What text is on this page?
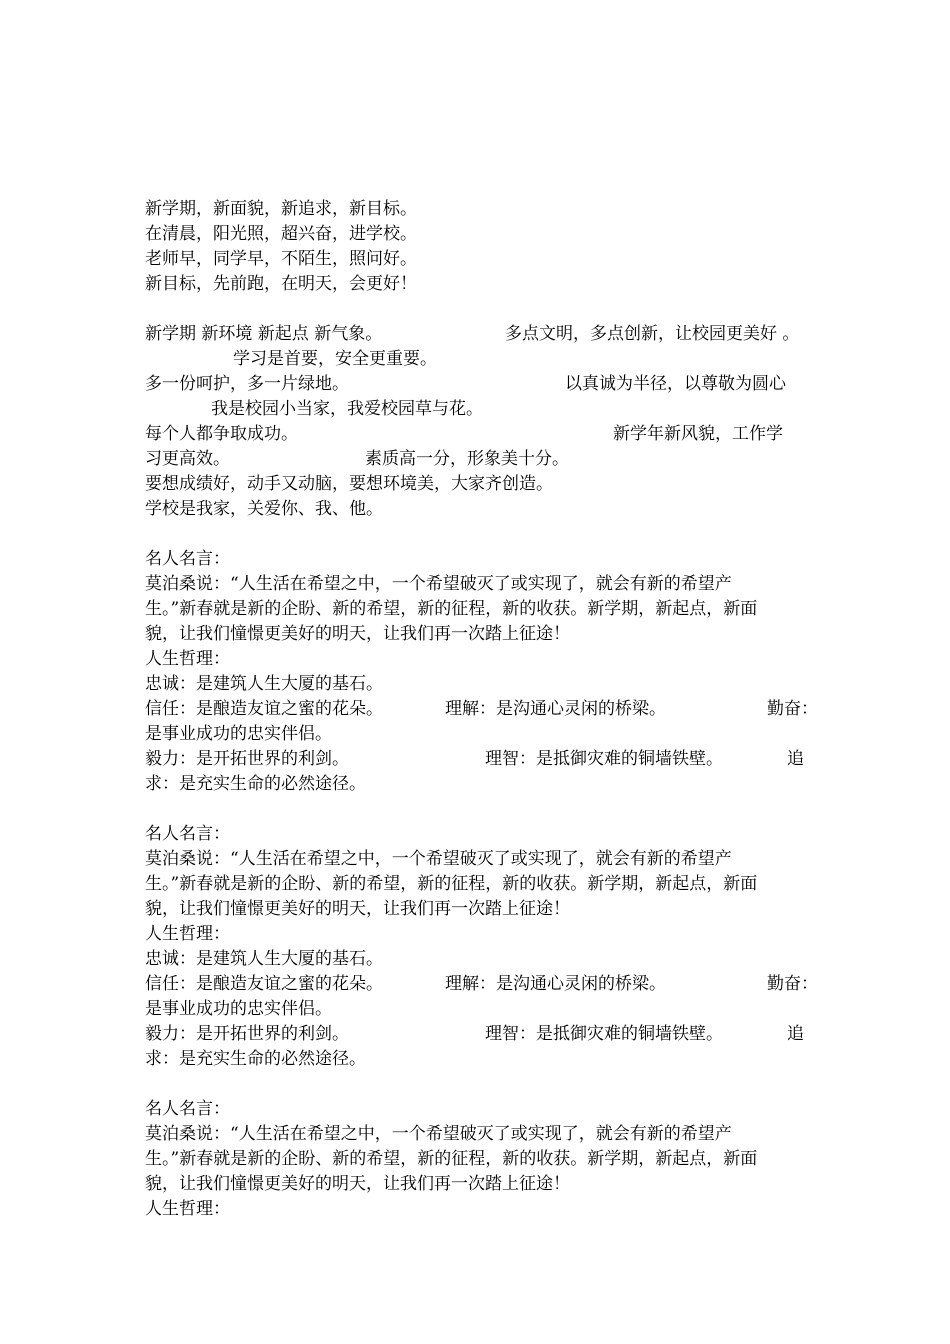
新学期，新面貌，新追求，新目标。
在清晨，阳光照，超兴奋，进学校。
老师早，同学早，不陌生，照问好。
新目标，先前跑，在明天，会更好！
新学期 新环境 新起点 新气象。	多点文明，多点创新，让校园更美好 。
学习是首要，安全更重要。
多一份呵护，多一片绿地。	以真诚为半径，以尊敬为圆心
我是校园小当家，我爱校园草与花。
每个人都争取成功。	新学年新风貌，工作学
习更高效。	素质高一分，形象美十分。
要想成绩好，动手又动脑，要想环境美，大家齐创造。
学校是我家，关爱你、我、他。
名人名言：
莫泊桑说：“人生活在希望之中，一个希望破灭了或实现了，就会有新的希望产
生。”新春就是新的企盼、新的希望，新的征程，新的收获。新学期，新起点，新面
貌，让我们憧憬更美好的明天，让我们再一次踏上征途！
人生哲理：
忠诚：是建筑人生大厦的基石。
信任：是酿造友谊之蜜的花朵。	理解：是沟通心灵闲的桥梁。	勤奋：
是事业成功的忠实伴侣。
毅力：是开拓世界的利剑。	理智：是抵御灾难的铜墙铁壁。	追
求：是充实生命的必然途径。
名人名言：
莫泊桑说：“人生活在希望之中，一个希望破灭了或实现了，就会有新的希望产
生。”新春就是新的企盼、新的希望，新的征程，新的收获。新学期，新起点，新面
貌，让我们憧憬更美好的明天，让我们再一次踏上征途！
人生哲理：
忠诚：是建筑人生大厦的基石。
信任：是酿造友谊之蜜的花朵。	理解：是沟通心灵闲的桥梁。	勤奋：
是事业成功的忠实伴侣。
毅力：是开拓世界的利剑。	理智：是抵御灾难的铜墙铁壁。	追
求：是充实生命的必然途径。
名人名言：
莫泊桑说：“人生活在希望之中，一个希望破灭了或实现了，就会有新的希望产
生。”新春就是新的企盼、新的希望，新的征程，新的收获。新学期，新起点，新面
貌，让我们憧憬更美好的明天，让我们再一次踏上征途！
人生哲理：
